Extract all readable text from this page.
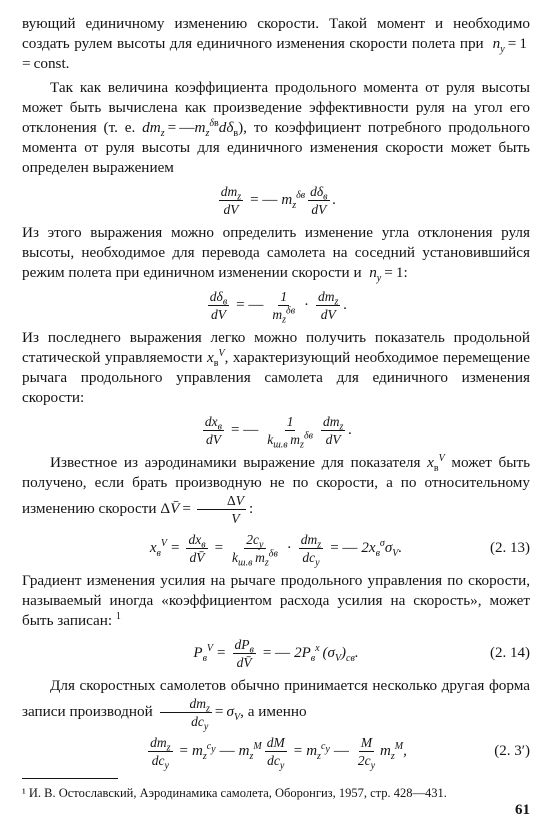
вующий единичному изменению скорости. Такой момент и необходимо создать рулем высоты для единичного изменения скорости полета при  $n_y = 1$ = const.

Так как величина коэффициента продольного момента от руля высоты может быть вычислена как произведение эффективности руля на угол его отклонения (т. е. $dm_z$ = $—m_z^{\delta в}d\delta_в$), то коэффициент потребного продольного момента от руля высоты для единичного изменения скорости может быть определен выражением

$\frac{dm_z}{dV}$ = — $m_z^{\delta в} \frac{d\delta_в}{dV}$ .

Из этого выражения можно определить изменение угла отклонения руля высоты, необходимое для перевода самолета на соседний установившийся режим полета при единичном изменении скорости и  $n_y = 1$:

$\frac{d\delta_в}{dV}$ = — $\frac{1}{m_z^{\delta в}} \cdot \frac{dm_z}{dV}$ .

Из последнего выражения легко можно получить показатель продольной статической управляемости $x_в^V$, характеризующий необходимое перемещение рычага продольного управления самолета для единичного изменения скорости:

$\frac{dx_в}{dV}$ = — $\frac{1}{k_{ш.в} m_z^{\delta в}} \frac{dm_z}{dV}$ .

Известное из аэродинамики выражение для показателя $x_в^V$ может быть получено, если брать производную не по скорости, а по относительному изменению скорости ΔV̄ =  $\frac{\Delta V}{V}$ :

$x_в^V = \frac{dx_в}{dV̄} = \frac{2c_y}{k_{ш.в} m_z^{\delta в}} \cdot \frac{dm_z}{dc_y}$ = — $2x_в^\sigma\sigma_V$.	(2. 13)

Градиент изменения усилия на рычаге продольного управления по скорости, называемый иногда «коэффициентом расхода усилия на скорость», может быть записан: $^1$

$P_в^V = \frac{dP_в}{dV̄}$ = — $2P_в^x$ $(\sigma_V)_{св}$.	(2. 14)

Для скоростных самолетов обычно принимается несколько другая форма записи производной $\frac{dm_z}{dc_y} = \sigma_V$, а именно

$\frac{dm_z}{dc_y} = m_z^{c_y}$ — $m_z^M \frac{dM}{dc_y} = m_z^{c_y}$ — $\frac{M}{2c_y} m_z^M$,	(2. 3′)

¹ И. В. Остославский, Аэродинамика самолета, Оборонгиз, 1957, стр. 428—431.

61
